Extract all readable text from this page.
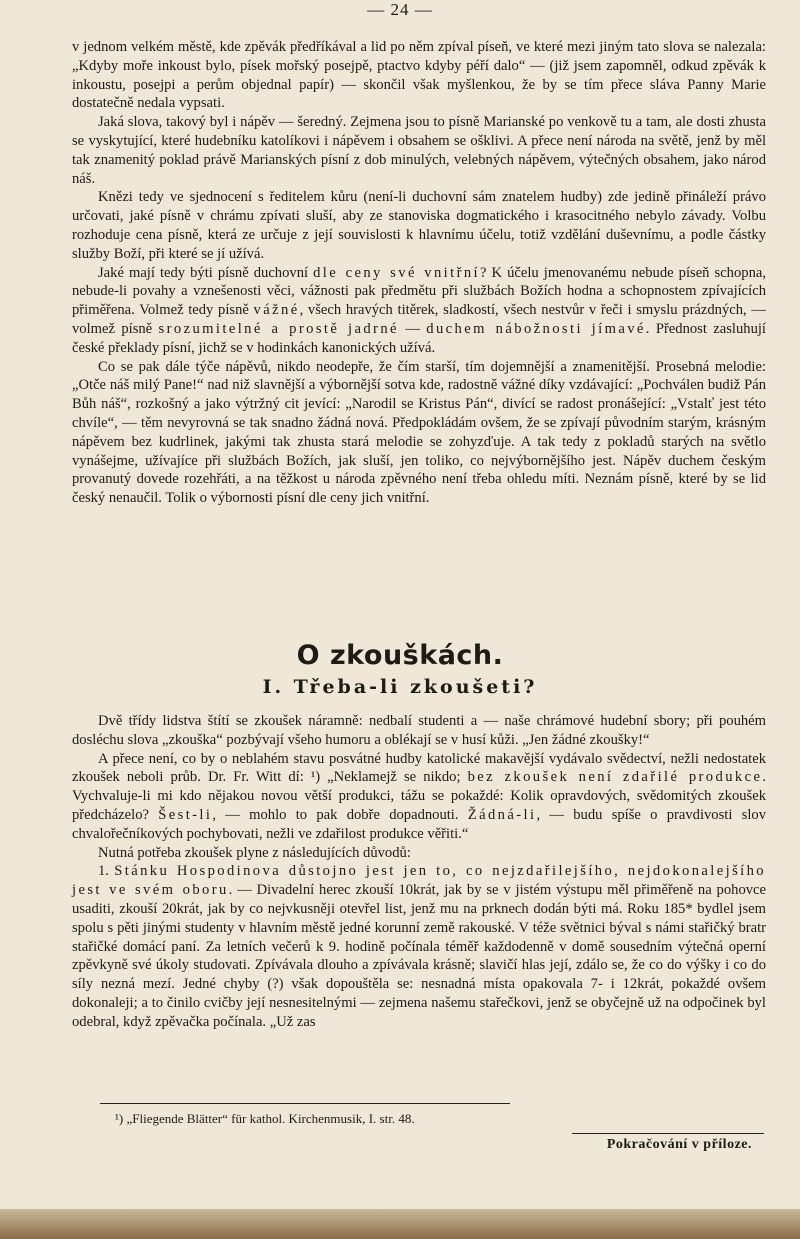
— 24 —

v jednom velkém městě, kde zpěvák předříkával a lid po něm zpíval píseň, ve které mezi jiným tato slova se nalezala: „Kdyby moře inkoust bylo, písek mořský posejpě, ptactvo kdyby péří dalo“ — (již jsem zapomněl, odkud zpěvák k inkoustu, posejpi a perům objednal papír) — skončil však myšlenkou, že by se tím přece sláva Panny Marie dostatečně nedala vypsati.

Jaká slova, takový byl i nápěv — šeredný. Zejmena jsou to písně Marianské po venkově tu a tam, ale dosti zhusta se vyskytující, které hudebníku katolíkovi i nápěvem i obsahem se ošklivi. A přece není národa na světě, jenž by měl tak znamenitý poklad právě Marianských písní z dob minulých, velebných nápěvem, výtečných obsahem, jako národ náš.

Knězi tedy ve sjednocení s ředitelem kůru (není-li duchovní sám znatelem hudby) zde jedině přináleží právo určovati, jaké písně v chrámu zpívati sluší, aby ze stanoviska dogmatického i krasocitného nebylo závady. Volbu rozhoduje cena písně, která ze určuje z její souvislosti k hlavnímu účelu, totiž vzdělání duševnímu, a podle částky služby Boží, při které se jí užívá.

Jaké mají tedy býti písně duchovní dle ceny své vnitřní? K účelu jmenovanému nebude píseň schopna, nebude-li povahy a vznešenosti věci, vážnosti pak předmětu při službách Božích hodna a schopnostem zpívajících přiměřena. Volmež tedy písně vážné, všech hravých titěrek, sladkostí, všech nestvůr v řeči i smyslu prázdných, — volmež písně srozumitelné a prostě jadrné — duchem nábožnosti jímavé. Přednost zasluhují české překlady písní, jichž se v hodinkách kanonických užívá.

Co se pak dále týče nápěvů, nikdo neodepře, že čím starší, tím dojemnější a znamenitější. Prosebná melodie: „Otče náš milý Pane!“ nad niž slavnější a výbornější sotva kde, radostně vážné díky vzdávající: „Pochválen budiž Pán Bůh náš“, rozkošný a jako výtržný cit jevící: „Narodil se Kristus Pán“, divící se radost pronášející: „Vstalť jest této chvíle“, — těm nevyrovná se tak snadno žádná nová. Předpokládám ovšem, že se zpívají původním starým, krásným nápěvem bez kudrlinek, jakými tak zhusta stará melodie se zohyzďuje. A tak tedy z pokladů starých na světlo vynášejme, užívajíce při službách Božích, jak sluší, jen toliko, co nejvýbornějšího jest. Nápěv duchem českým provanutý dovede rozehřáti, a na těžkost u národa zpěvného není třeba ohledu míti. Neznám písně, které by se lid český nenaučil. Tolik o výbornosti písní dle ceny jich vnitřní.

O zkouškách.
I. Třeba-li zkoušeti?

Dvě třídy lidstva štítí se zkoušek náramně: nedbalí studenti a — naše chrámové hudební sbory; při pouhém dosléchu slova „zkouška“ pozbývají všeho humoru a oblékají se v husí kůži. „Jen žádné zkoušky!“

A přece není, co by o neblahém stavu posvátné hudby katolické makavější vydávalo svědectví, nežli nedostatek zkoušek neboli průb. Dr. Fr. Witt dí: ¹) „Neklamejž se nikdo; bez zkoušek není zdařilé produkce. Vychvaluje-li mi kdo nějakou novou větší produkci, tážu se pokaždé: Kolik opravdových, svědomitých zkoušek předcházelo? Šest-li, — mohlo to pak dobře dopadnouti. Žádná-li, — budu spíše o pravdivosti slov chvalořečníkových pochybovati, nežli ve zdařilost produkce věřiti.“

Nutná potřeba zkoušek plyne z následujících důvodů:

1. Stánku Hospodinova důstojno jest jen to, co nejzdařilejšího, nejdokonalejšího jest ve svém oboru. — Divadelní herec zkouší 10krát, jak by se v jistém výstupu měl přiměřeně na pohovce usaditi, zkouší 20krát, jak by co nejvkusněji otevřel list, jenž mu na prknech dodán býti má. Roku 185* bydlel jsem spolu s pěti jinými studenty v hlavním městě jedné korunní země rakouské. V téže světnici býval s námi stařičký bratr stařičké domácí paní. Za letních večerů k 9. hodině počínala téměř každodenně v domě sousedním výtečná operní zpěvkyně své úkoly studovati. Zpívávala dlouho a zpívávala krásně; slavičí hlas její, zdálo se, že co do výšky i co do síly nezná mezí. Jedné chyby (?) však dopouštěla se: nesnadná místa opakovala 7- i 12krát, pokaždé ovšem dokonaleji; a to činilo cvičby její nesnesitelnými — zejmena našemu stařečkovi, jenž se obyčejně už na odpočinek byl odebral, když zpěvačka počínala. „Už zas

¹) „Fliegende Blätter“ für kathol. Kirchenmusik, I. str. 48.
Pokračování v příloze.
